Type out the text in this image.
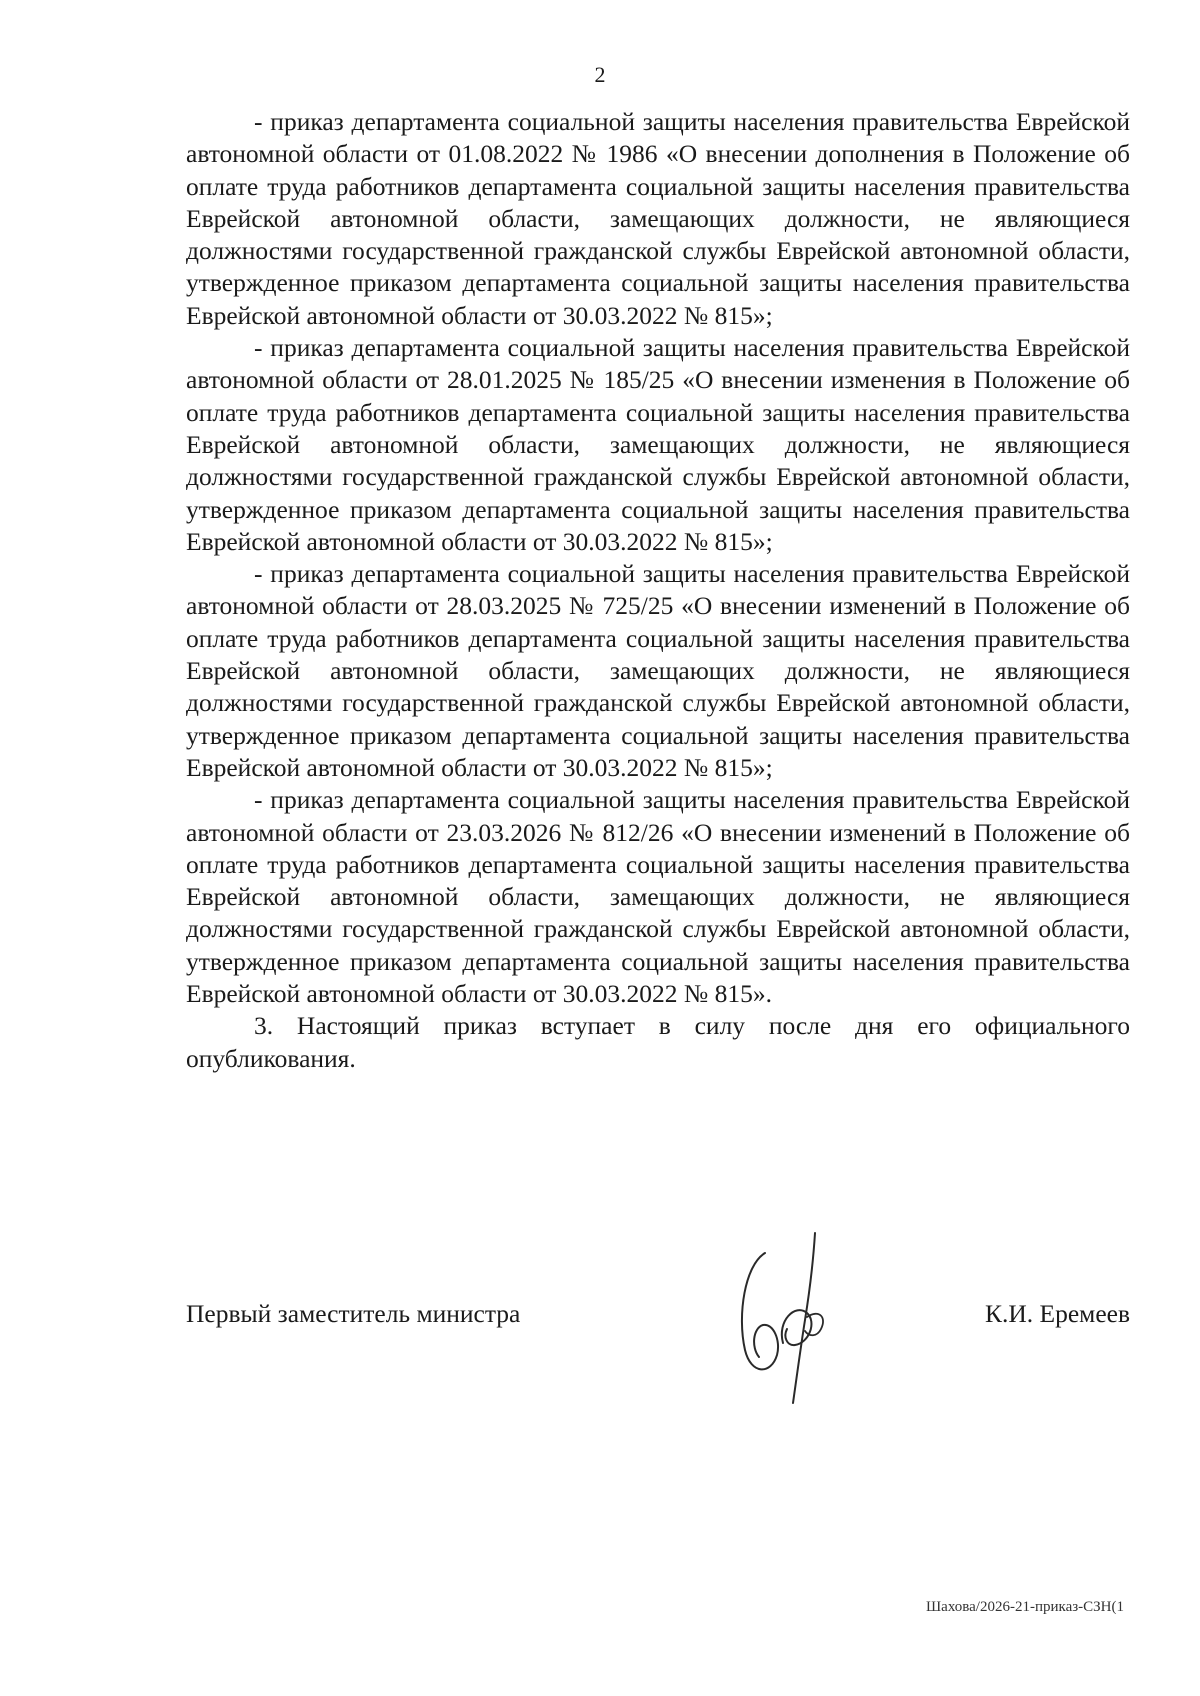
2

- приказ департамента социальной защиты населения правительства Еврейской автономной области от 01.08.2022 № 1986 «О внесении дополнения в Положение об оплате труда работников департамента социальной защиты населения правительства Еврейской автономной области, замещающих должности, не являющиеся должностями государственной гражданской службы Еврейской автономной области, утвержденное приказом департамента социальной защиты населения правительства Еврейской автономной области от 30.03.2022 № 815»;

- приказ департамента социальной защиты населения правительства Еврейской автономной области от 28.01.2025 № 185/25 «О внесении изменения в Положение об оплате труда работников департамента социальной защиты населения правительства Еврейской автономной области, замещающих должности, не являющиеся должностями государственной гражданской службы Еврейской автономной области, утвержденное приказом департамента социальной защиты населения правительства Еврейской автономной области от 30.03.2022 № 815»;

- приказ департамента социальной защиты населения правительства Еврейской автономной области от 28.03.2025 № 725/25 «О внесении изменений в Положение об оплате труда работников департамента социальной защиты населения правительства Еврейской автономной области, замещающих должности, не являющиеся должностями государственной гражданской службы Еврейской автономной области, утвержденное приказом департамента социальной защиты населения правительства Еврейской автономной области от 30.03.2022 № 815»;

- приказ департамента социальной защиты населения правительства Еврейской автономной области от 23.03.2026 № 812/26 «О внесении изменений в Положение об оплате труда работников департамента социальной защиты населения правительства Еврейской автономной области, замещающих должности, не являющиеся должностями государственной гражданской службы Еврейской автономной области, утвержденное приказом департамента социальной защиты населения правительства Еврейской автономной области от 30.03.2022 № 815».

3. Настоящий приказ вступает в силу после дня его официального опубликования.

Первый заместитель министра	К.И. Еремеев
Шахова/2026-21-приказ-СЗН(1
